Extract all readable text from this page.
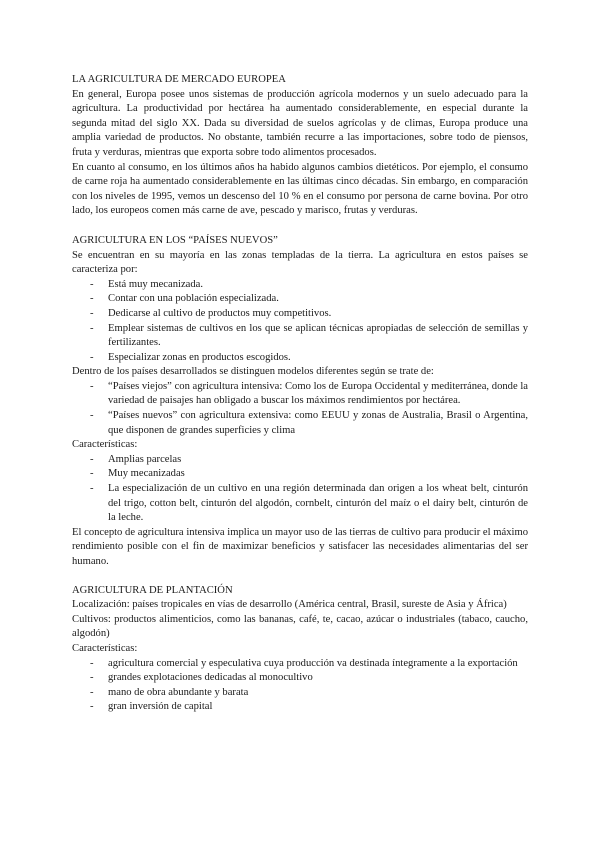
LA AGRICULTURA DE MERCADO EUROPEA

En general, Europa posee unos sistemas de producción agrícola modernos y un suelo adecuado para la agricultura. La productividad por hectárea ha aumentado considerablemente, en especial durante la segunda mitad del siglo XX. Dada su diversidad de suelos agrícolas y de climas, Europa produce una amplia variedad de productos. No obstante, también recurre a las importaciones, sobre todo de piensos, fruta y verduras, mientras que exporta sobre todo alimentos procesados.

En cuanto al consumo, en los últimos años ha habido algunos cambios dietéticos. Por ejemplo, el consumo de carne roja ha aumentado considerablemente en las últimas cinco décadas. Sin embargo, en comparación con los niveles de 1995, vemos un descenso del 10 % en el consumo por persona de carne bovina. Por otro lado, los europeos comen más carne de ave, pescado y marisco, frutas y verduras.

AGRICULTURA EN LOS “PAÍSES NUEVOS”

Se encuentran en su mayoría en las zonas templadas de la tierra. La agricultura en estos países se caracteriza por:

- Está muy mecanizada.
- Contar con una población especializada.
- Dedicarse al cultivo de productos muy competitivos.
- Emplear sistemas de cultivos en los que se aplican técnicas apropiadas de selección de semillas y fertilizantes.
- Especializar zonas en productos escogidos.

Dentro de los países desarrollados se distinguen modelos diferentes según se trate de:

- “Países viejos” con agricultura intensiva: Como los de Europa Occidental y mediterránea, donde la variedad de paisajes han obligado a buscar los máximos rendimientos por hectárea.
- “Países nuevos” con agricultura extensiva: como EEUU y zonas de Australia, Brasil o Argentina, que disponen de grandes superficies y clima

Características:

- Amplias parcelas
- Muy mecanizadas
- La especialización de un cultivo en una región determinada dan origen a los wheat belt, cinturón del trigo, cotton belt, cinturón del algodón, cornbelt, cinturón del maíz o el dairy belt, cinturón de la leche.

El concepto de agricultura intensiva implica un mayor uso de las tierras de cultivo para producir el máximo rendimiento posible con el fin de maximizar beneficios y satisfacer las necesidades alimentarias del ser humano.

AGRICULTURA DE PLANTACIÓN

Localización: países tropicales en vías de desarrollo (América central, Brasil, sureste de Asia y África)

Cultivos: productos alimenticios, como las bananas, café, te, cacao, azúcar o industriales (tabaco, caucho, algodón)

Características:

- agricultura comercial y especulativa cuya producción va destinada íntegramente a la exportación
- grandes explotaciones dedicadas al monocultivo
- mano de obra abundante y barata
- gran inversión de capital
